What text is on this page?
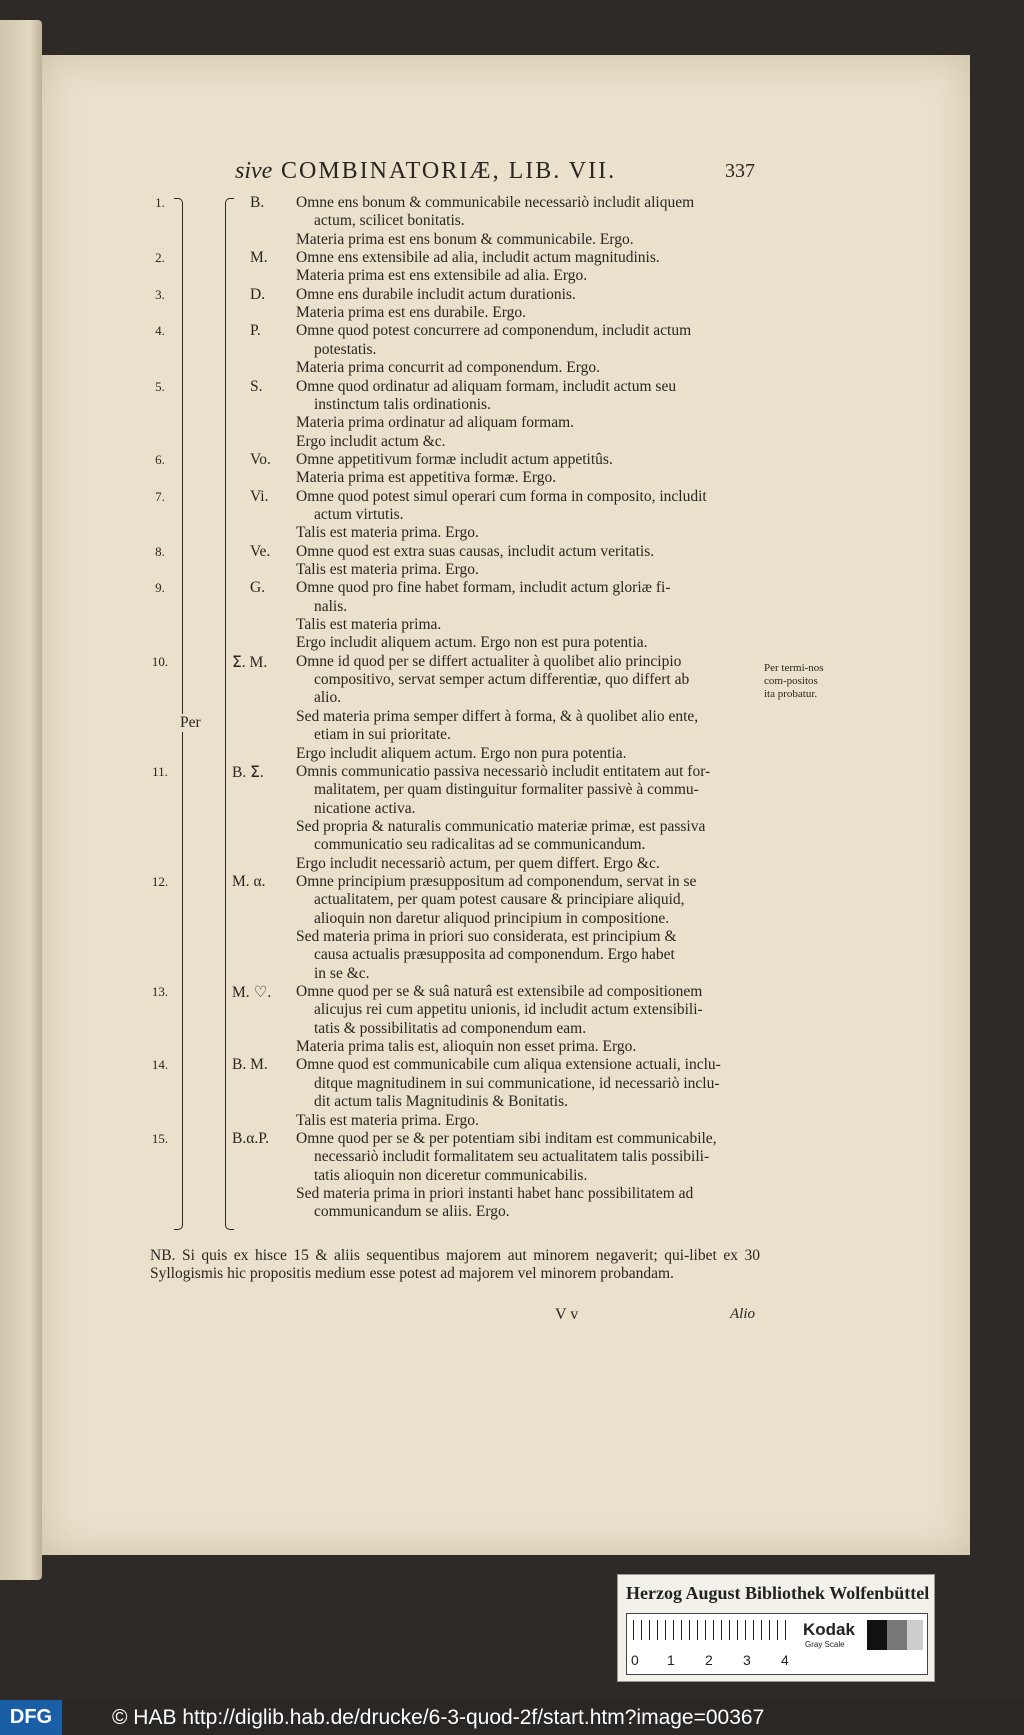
sive COMBINATORIÆ, LIB. VII.	337
Per
1.	B. Omne ens bonum & communicabile necessariò includit aliquem
actum, scilicet bonitatis.
Materia prima est ens bonum & communicabile. Ergo.
2.	M. Omne ens extensibile ad alia, includit actum magnitudinis.
Materia prima est ens extensibile ad alia. Ergo.
3.	D. Omne ens durabile includit actum durationis.
Materia prima est ens durabile. Ergo.
4.	P. Omne quod potest concurrere ad componendum, includit actum
potestatis.
Materia prima concurrit ad componendum. Ergo.
5.	S. Omne quod ordinatur ad aliquam formam, includit actum seu
instinctum talis ordinationis.
Materia prima ordinatur ad aliquam formam.
Ergo includit actum &c.
6.	Vo. Omne appetitivum formæ includit actum appetitûs.
Materia prima est appetitiva formæ. Ergo.
7.	Vi. Omne quod potest simul operari cum forma in composito, includit
actum virtutis.
Talis est materia prima. Ergo.
8.	Ve. Omne quod est extra suas causas, includit actum veritatis.
Talis est materia prima. Ergo.
9.	G. Omne quod pro fine habet formam, includit actum gloriæ fi-
nalis.
Talis est materia prima.
Ergo includit aliquem actum. Ergo non est pura potentia.
10.	ⵉ. M. Omne id quod per se differt actualiter à quolibet alio principio
compositivo, servat semper actum differentiæ, quo differt ab
alio.
Sed materia prima semper differt à forma, & à quolibet alio ente,
etiam in sui prioritate.
Ergo includit aliquem actum. Ergo non pura potentia.
11.	B. ⵉ. Omnis communicatio passiva necessariò includit entitatem aut for-
malitatem, per quam distinguitur formaliter passivè à commu-
nicatione activa.
Sed propria & naturalis communicatio materiæ primæ, est passiva
communicatio seu radicalitas ad se communicandum.
Ergo includit necessariò actum, per quem differt. Ergo &c.
12.	M. α. Omne principium præsuppositum ad componendum, servat in se
actualitatem, per quam potest causare & principiare aliquid,
alioquin non daretur aliquod principium in compositione.
Sed materia prima in priori suo considerata, est principium &
causa actualis præsupposita ad componendum. Ergo habet
in se &c.
13.	M. ♡. Omne quod per se & suâ naturâ est extensibile ad compositionem
alicujus rei cum appetitu unionis, id includit actum extensibili-
tatis & possibilitatis ad componendum eam.
Materia prima talis est, alioquin non esset prima. Ergo.
14.	B. M. Omne quod est communicabile cum aliqua extensione actuali, inclu-
ditque magnitudinem in sui communicatione, id necessariò inclu-
dit actum talis Magnitudinis & Bonitatis.
Talis est materia prima. Ergo.
15.	B.α.P. Omne quod per se & per potentiam sibi inditam est communicabile,
necessariò includit formalitatem seu actualitatem talis possibili-
tatis alioquin non diceretur communicabilis.
Sed materia prima in priori instanti habet hanc possibilitatem ad
communicandum se aliis. Ergo.
Per termi-nos com-positos ita probatur.
NB. Si quis ex hisce 15 & aliis sequentibus majorem aut minorem negaverit; qui-libet ex 30 Syllogismis hic propositis medium esse potest ad majorem vel minorem probandam.
V v	Alio
Herzog August Bibliothek Wolfenbüttel
0 1 2 3 4
Kodak
Gray Scale
DFG	© HAB http://diglib.hab.de/drucke/6-3-quod-2f/start.htm?image=00367
